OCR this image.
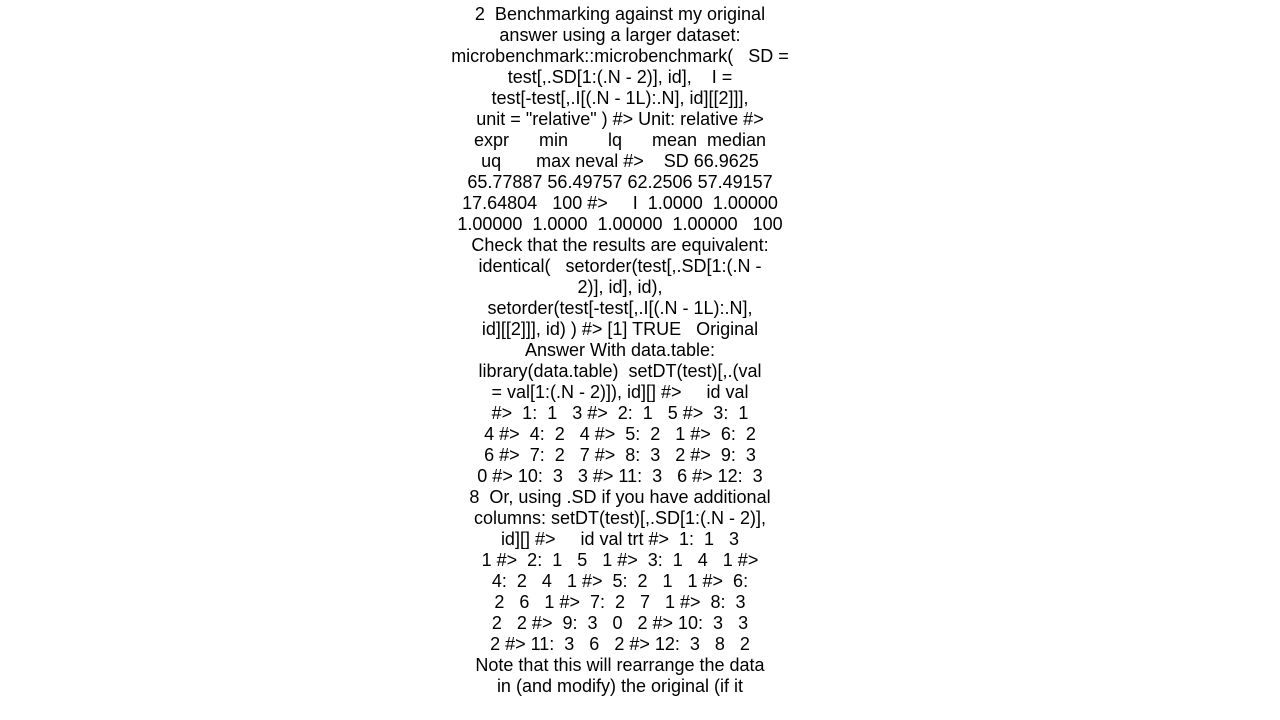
2  Benchmarking against my original
answer using a larger dataset:
microbenchmark::microbenchmark(   SD =
test[,.SD[1:(.N - 2)], id],    I =
test[-test[,.I[(.N - 1L):.N], id][[2]]],
unit = "relative" ) #> Unit: relative #>
expr      min        lq      mean  median
uq       max neval #>    SD 66.9625
65.77887 56.49757 62.2506 57.49157
17.64804   100 #>     I  1.0000  1.00000
1.00000  1.0000  1.00000  1.00000   100
Check that the results are equivalent:
identical(   setorder(test[,.SD[1:(.N -
2)], id], id),
setorder(test[-test[,.I[(.N - 1L):.N],
id][[2]]], id) ) #> [1] TRUE   Original
Answer With data.table:
library(data.table)  setDT(test)[,.(val
= val[1:(.N - 2)]), id][] #>     id val
#>  1:  1   3 #>  2:  1   5 #>  3:  1
4 #>  4:  2   4 #>  5:  2   1 #>  6:  2
6 #>  7:  2   7 #>  8:  3   2 #>  9:  3
0 #> 10:  3   3 #> 11:  3   6 #> 12:  3
8  Or, using .SD if you have additional
columns: setDT(test)[,.SD[1:(.N - 2)],
id][] #>     id val trt #>  1:  1   3
1 #>  2:  1   5   1 #>  3:  1   4   1 #>
4:  2   4   1 #>  5:  2   1   1 #>  6:
2   6   1 #>  7:  2   7   1 #>  8:  3
2   2 #>  9:  3   0   2 #> 10:  3   3
2 #> 11:  3   6   2 #> 12:  3   8   2
Note that this will rearrange the data
in (and modify) the original (if it
